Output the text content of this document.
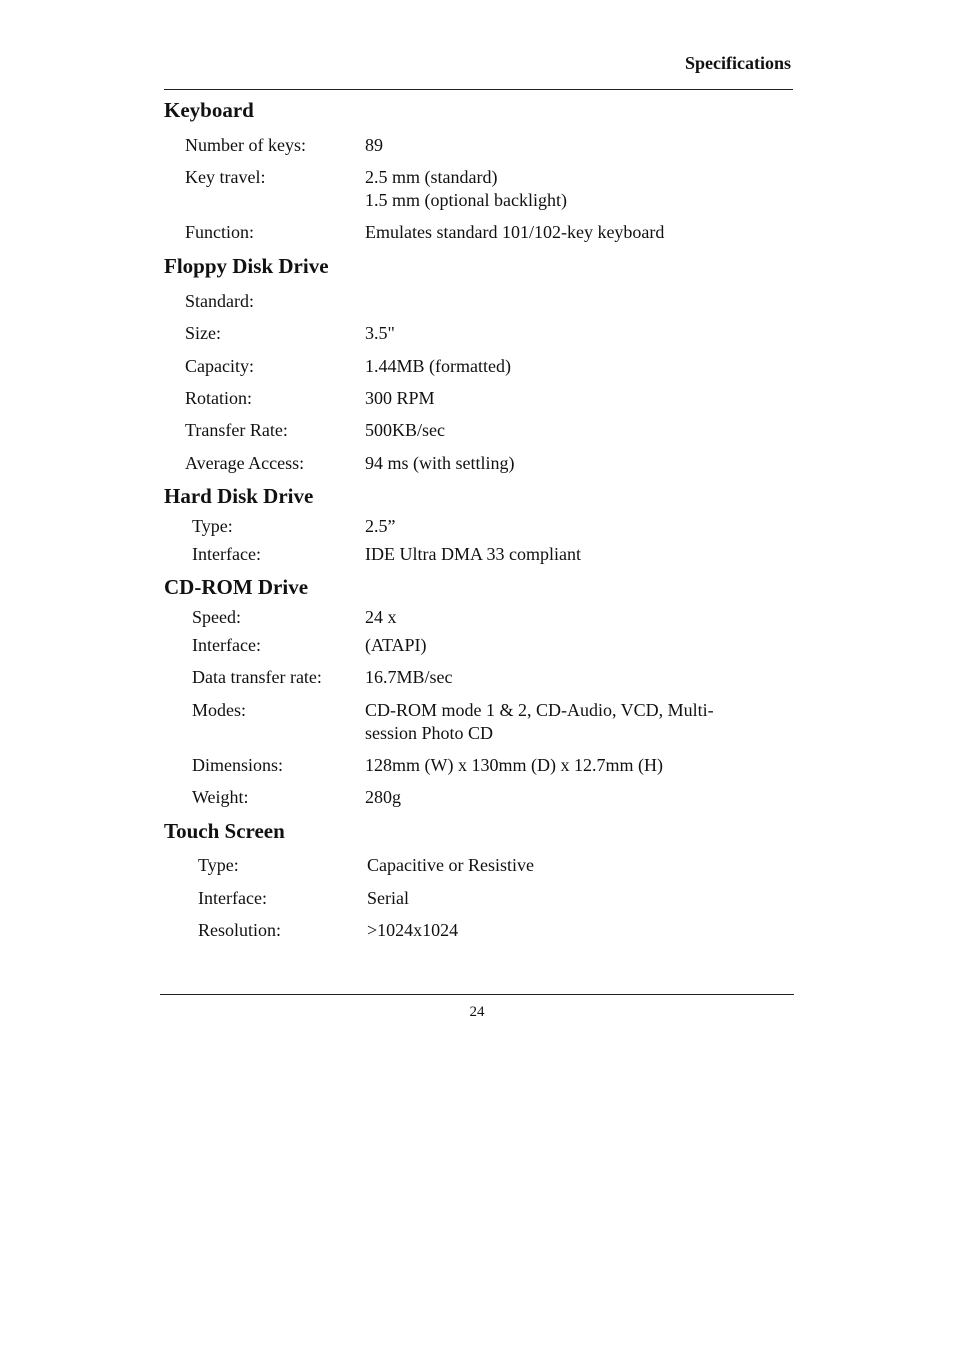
Specifications
Keyboard
Number of keys:	89
Key travel:	2.5 mm (standard)
1.5 mm (optional backlight)
Function:	Emulates standard 101/102-key keyboard
Floppy Disk Drive
Standard:
Size:	3.5"
Capacity:	1.44MB (formatted)
Rotation:	300 RPM
Transfer Rate:	500KB/sec
Average Access:	94 ms (with settling)
Hard Disk Drive
Type:	2.5”
Interface:	IDE Ultra DMA 33 compliant
CD-ROM Drive
Speed:	24 x
Interface:	(ATAPI)
Data transfer rate: 16.7MB/sec
Modes:	CD-ROM mode 1 & 2, CD-Audio, VCD, Multi-
session Photo CD
Dimensions:	128mm (W) x 130mm (D) x 12.7mm (H)
Weight:	280g
Touch Screen
Type:	Capacitive or Resistive
Interface:	Serial
Resolution:	>1024x1024
24
